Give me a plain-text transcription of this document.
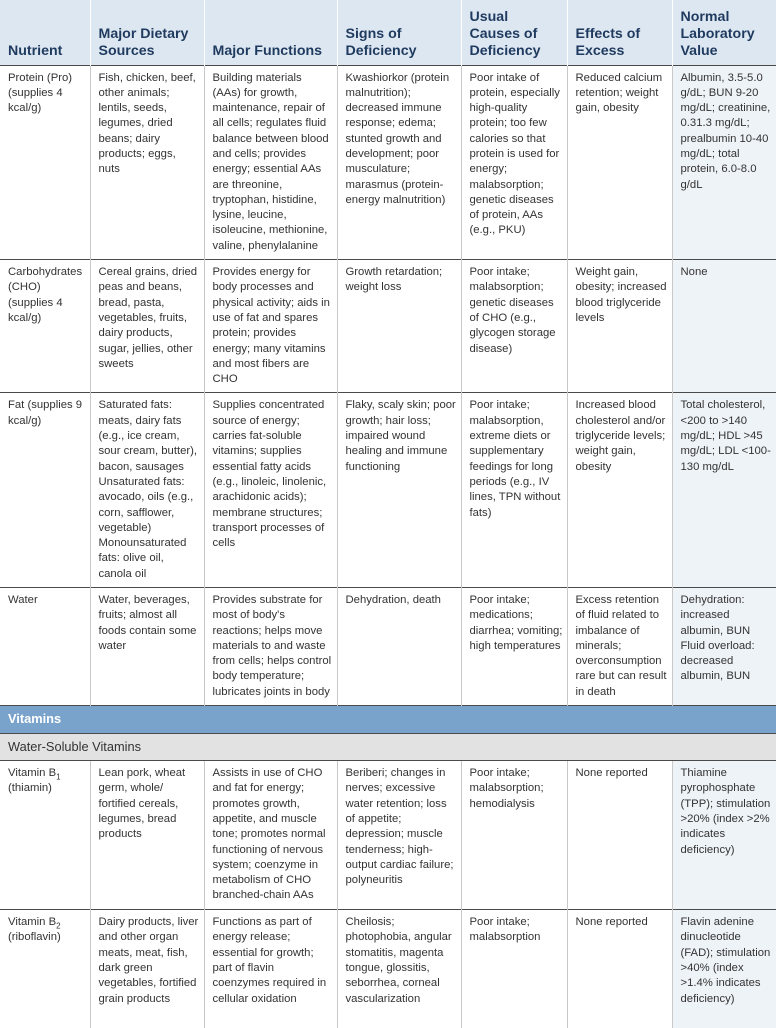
Nutrient	Major Dietary Sources	Major Functions	Signs of Deficiency	Usual Causes of Deficiency	Effects of Excess	Normal Laboratory Value
Protein (Pro) (supplies 4 kcal/g)	Fish, chicken, beef, other animals; lentils, seeds, legumes, dried beans; dairy products; eggs, nuts	Building materials (AAs) for growth, maintenance, repair of all cells; regulates fluid balance between blood and cells; provides energy; essential AAs are threonine, tryptophan, histidine, lysine, leucine, isoleucine, methionine, valine, phenylalanine	Kwashiorkor (protein malnutrition); decreased immune response; edema; stunted growth and development; poor musculature; marasmus (protein-energy malnutrition)	Poor intake of protein, especially high-quality protein; too few calories so that protein is used for energy; malabsorption; genetic diseases of protein, AAs (e.g., PKU)	Reduced calcium retention; weight gain, obesity	Albumin, 3.5-5.0 g/dL; BUN 9-20 mg/dL; creatinine, 0.31.3 mg/dL; prealbumin 10-40 mg/dL; total protein, 6.0-8.0 g/dL
Carbohydrates (CHO) (supplies 4 kcal/g)	Cereal grains, dried peas and beans, bread, pasta, vegetables, fruits, dairy products, sugar, jellies, other sweets	Provides energy for body processes and physical activity; aids in use of fat and spares protein; provides energy; many vitamins and most fibers are CHO	Growth retardation; weight loss	Poor intake; malabsorption; genetic diseases of CHO (e.g., glycogen storage disease)	Weight gain, obesity; increased blood triglyceride levels	None
Fat (supplies 9 kcal/g)	Saturated fats: meats, dairy fats (e.g., ice cream, sour cream, butter), bacon, sausages
Unsaturated fats: avocado, oils (e.g., corn, safflower, vegetable)
Monounsaturated fats: olive oil, canola oil	Supplies concentrated source of energy; carries fat-soluble vitamins; supplies essential fatty acids (e.g., linoleic, linolenic, arachidonic acids); membrane structures; transport processes of cells	Flaky, scaly skin; poor growth; hair loss; impaired wound healing and immune functioning	Poor intake; malabsorption, extreme diets or supplementary feedings for long periods (e.g., IV lines, TPN without fats)	Increased blood cholesterol and/or triglyceride levels; weight gain, obesity	Total cholesterol, <200 to >140 mg/dL; HDL >45 mg/dL; LDL <100-130 mg/dL
Water	Water, beverages, fruits; almost all foods contain some water	Provides substrate for most of body's reactions; helps move materials to and waste from cells; helps control body temperature; lubricates joints in body	Dehydration, death	Poor intake; medications; diarrhea; vomiting; high temperatures	Excess retention of fluid related to imbalance of minerals; overconsumption rare but can result in death	Dehydration: increased albumin, BUN
Fluid overload: decreased albumin, BUN
Vitamins						
Water-Soluble Vitamins						
Vitamin $B_1$
(thiamin)	Lean pork, wheat germ, whole/ fortified cereals, legumes, bread products	Assists in use of CHO and fat for energy; promotes growth, appetite, and muscle tone; promotes normal functioning of nervous system; coenzyme in metabolism of CHO branched-chain AAs	Beriberi; changes in nerves; excessive water retention; loss of appetite; depression; muscle tenderness; high-output cardiac failure; polyneuritis	Poor intake; malabsorption; hemodialysis	None reported	Thiamine pyrophosphate (TPP); stimulation >20% (index >2% indicates deficiency)
Vitamin $B_2$
(riboflavin)	Dairy products, liver and other organ meats, meat, fish, dark green vegetables, fortified grain products	Functions as part of energy release; essential for growth; part of flavin coenzymes required in cellular oxidation	Cheilosis; photophobia, angular stomatitis, magenta tongue, glossitis, seborrhea, corneal vascularization	Poor intake; malabsorption	None reported	Flavin adenine dinucleotide (FAD); stimulation >40% (index >1.4% indicates deficiency)
